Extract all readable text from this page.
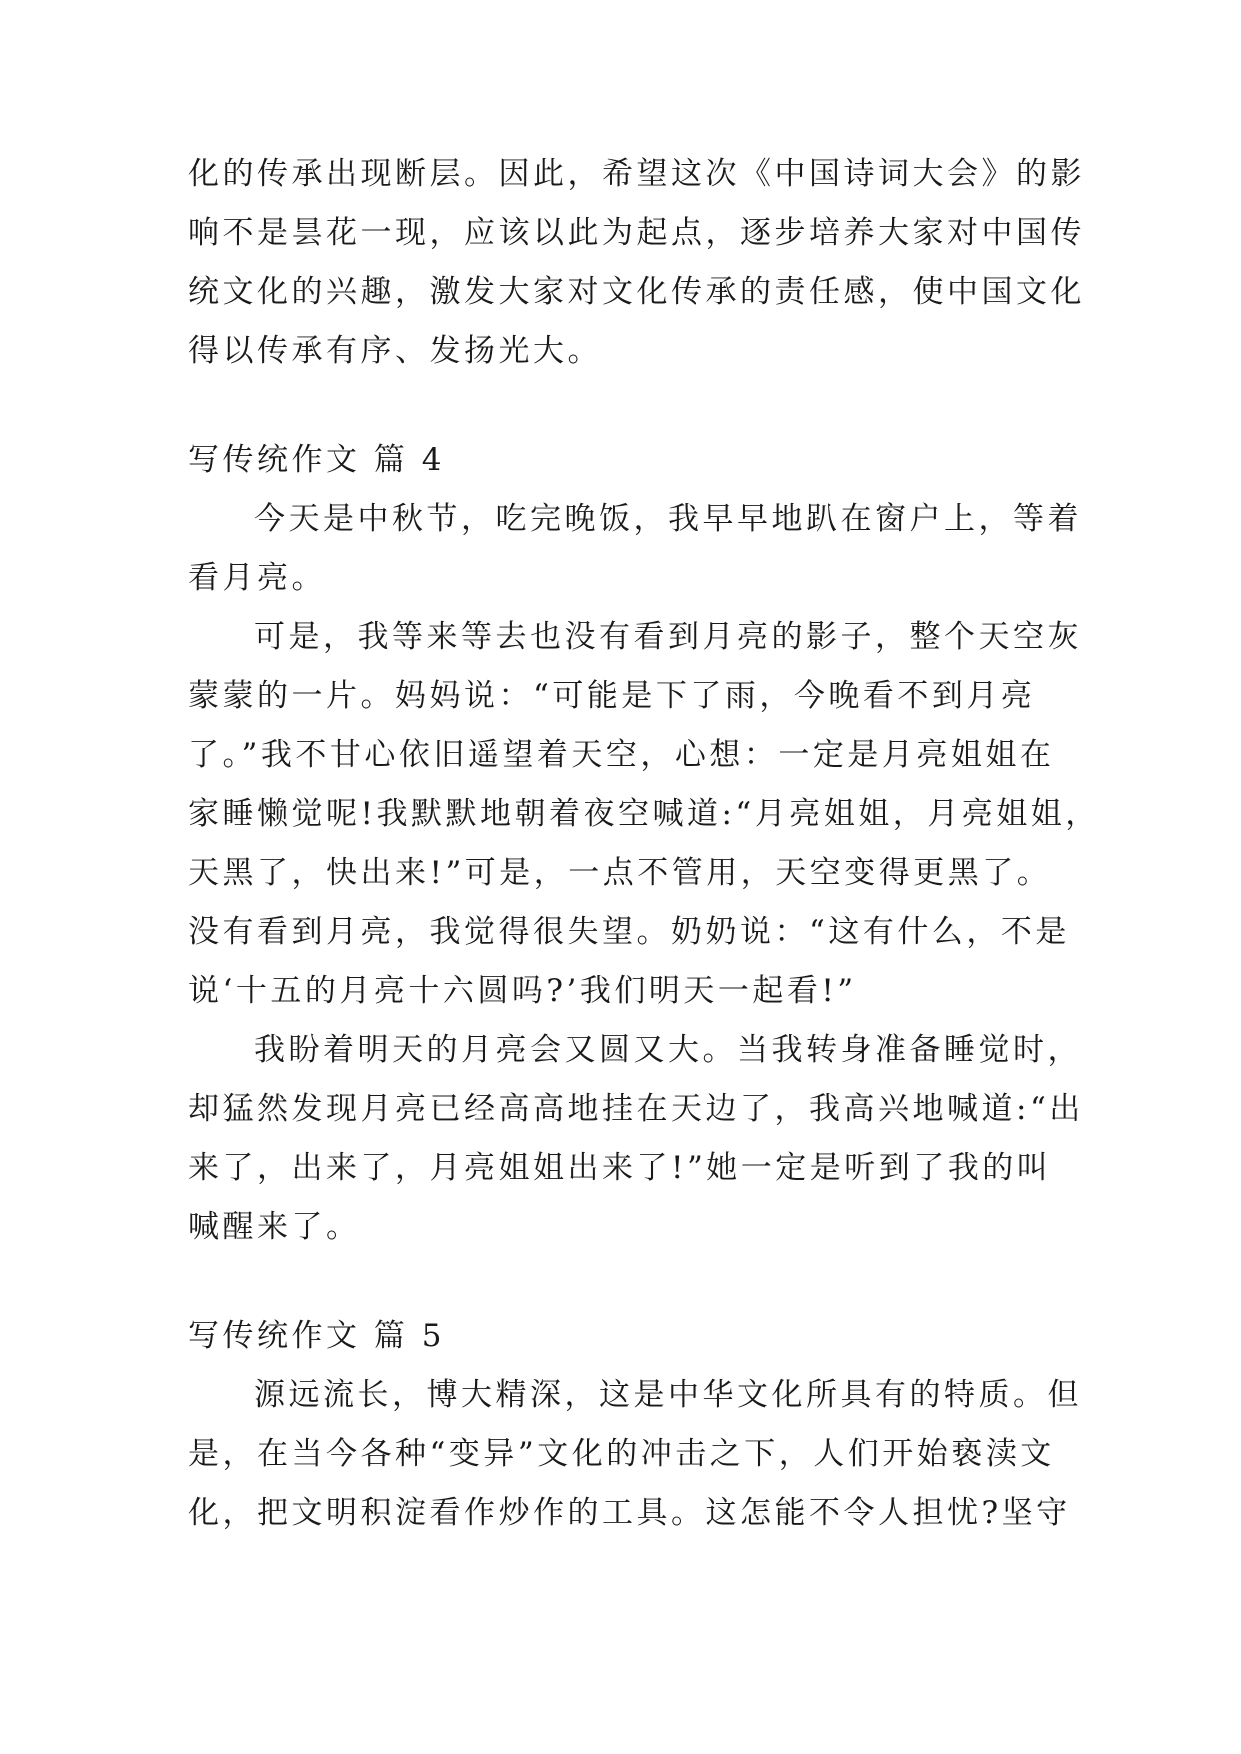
化的传承出现断层。因此，希望这次《中国诗词大会》的影
响不是昙花一现，应该以此为起点，逐步培养大家对中国传
统文化的兴趣，激发大家对文化传承的责任感，使中国文化
得以传承有序、发扬光大。
写传统作文 篇 4
今天是中秋节，吃完晚饭，我早早地趴在窗户上，等着
看月亮。
可是，我等来等去也没有看到月亮的影子，整个天空灰
蒙蒙的一片。妈妈说：“可能是下了雨，今晚看不到月亮
了。”我不甘心依旧遥望着天空，心想：一定是月亮姐姐在
家睡懒觉呢!我默默地朝着夜空喊道:“月亮姐姐，月亮姐姐，
天黑了，快出来!”可是，一点不管用，天空变得更黑了。
没有看到月亮，我觉得很失望。奶奶说：“这有什么，不是
说‘十五的月亮十六圆吗?’我们明天一起看!”
我盼着明天的月亮会又圆又大。当我转身准备睡觉时，
却猛然发现月亮已经高高地挂在天边了，我高兴地喊道:“出
来了，出来了，月亮姐姐出来了!”她一定是听到了我的叫
喊醒来了。
写传统作文 篇 5
源远流长，博大精深，这是中华文化所具有的特质。但
是，在当今各种“变异”文化的冲击之下，人们开始亵渎文
化，把文明积淀看作炒作的工具。这怎能不令人担忧?坚守
